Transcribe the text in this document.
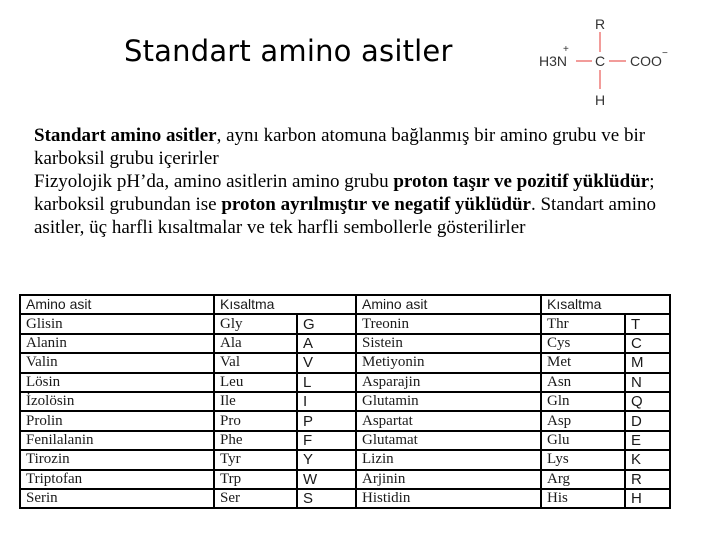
Standart amino asitler
R
H3N
+
C COO −
H

Standart amino asitler, aynı karbon atomuna bağlanmış bir amino grubu ve bir karboksil grubu içerirler

Fizyolojik pH’da, amino asitlerin amino grubu proton taşır ve pozitif yüklüdür; karboksil grubundan ise proton ayrılmıştır ve negatif yüklüdür. Standart amino asitler, üç harfli kısaltmalar ve tek harfli sembollerle gösterilirler

Amino asit	Kısaltma		Amino asit	Kısaltma	
Glisin	Gly	G	Treonin	Thr	T
Alanin	Ala	A	Sistein	Cys	C
Valin	Val	V	Metiyonin	Met	M
Lösin	Leu	L	Asparajin	Asn	N
İzolösin	Ile	I	Glutamin	Gln	Q
Prolin	Pro	P	Aspartat	Asp	D
Fenilalanin	Phe	F	Glutamat	Glu	E
Tirozin	Tyr	Y	Lizin	Lys	K
Triptofan	Trp	W	Arjinin	Arg	R
Serin	Ser	S	Histidin	His	H
